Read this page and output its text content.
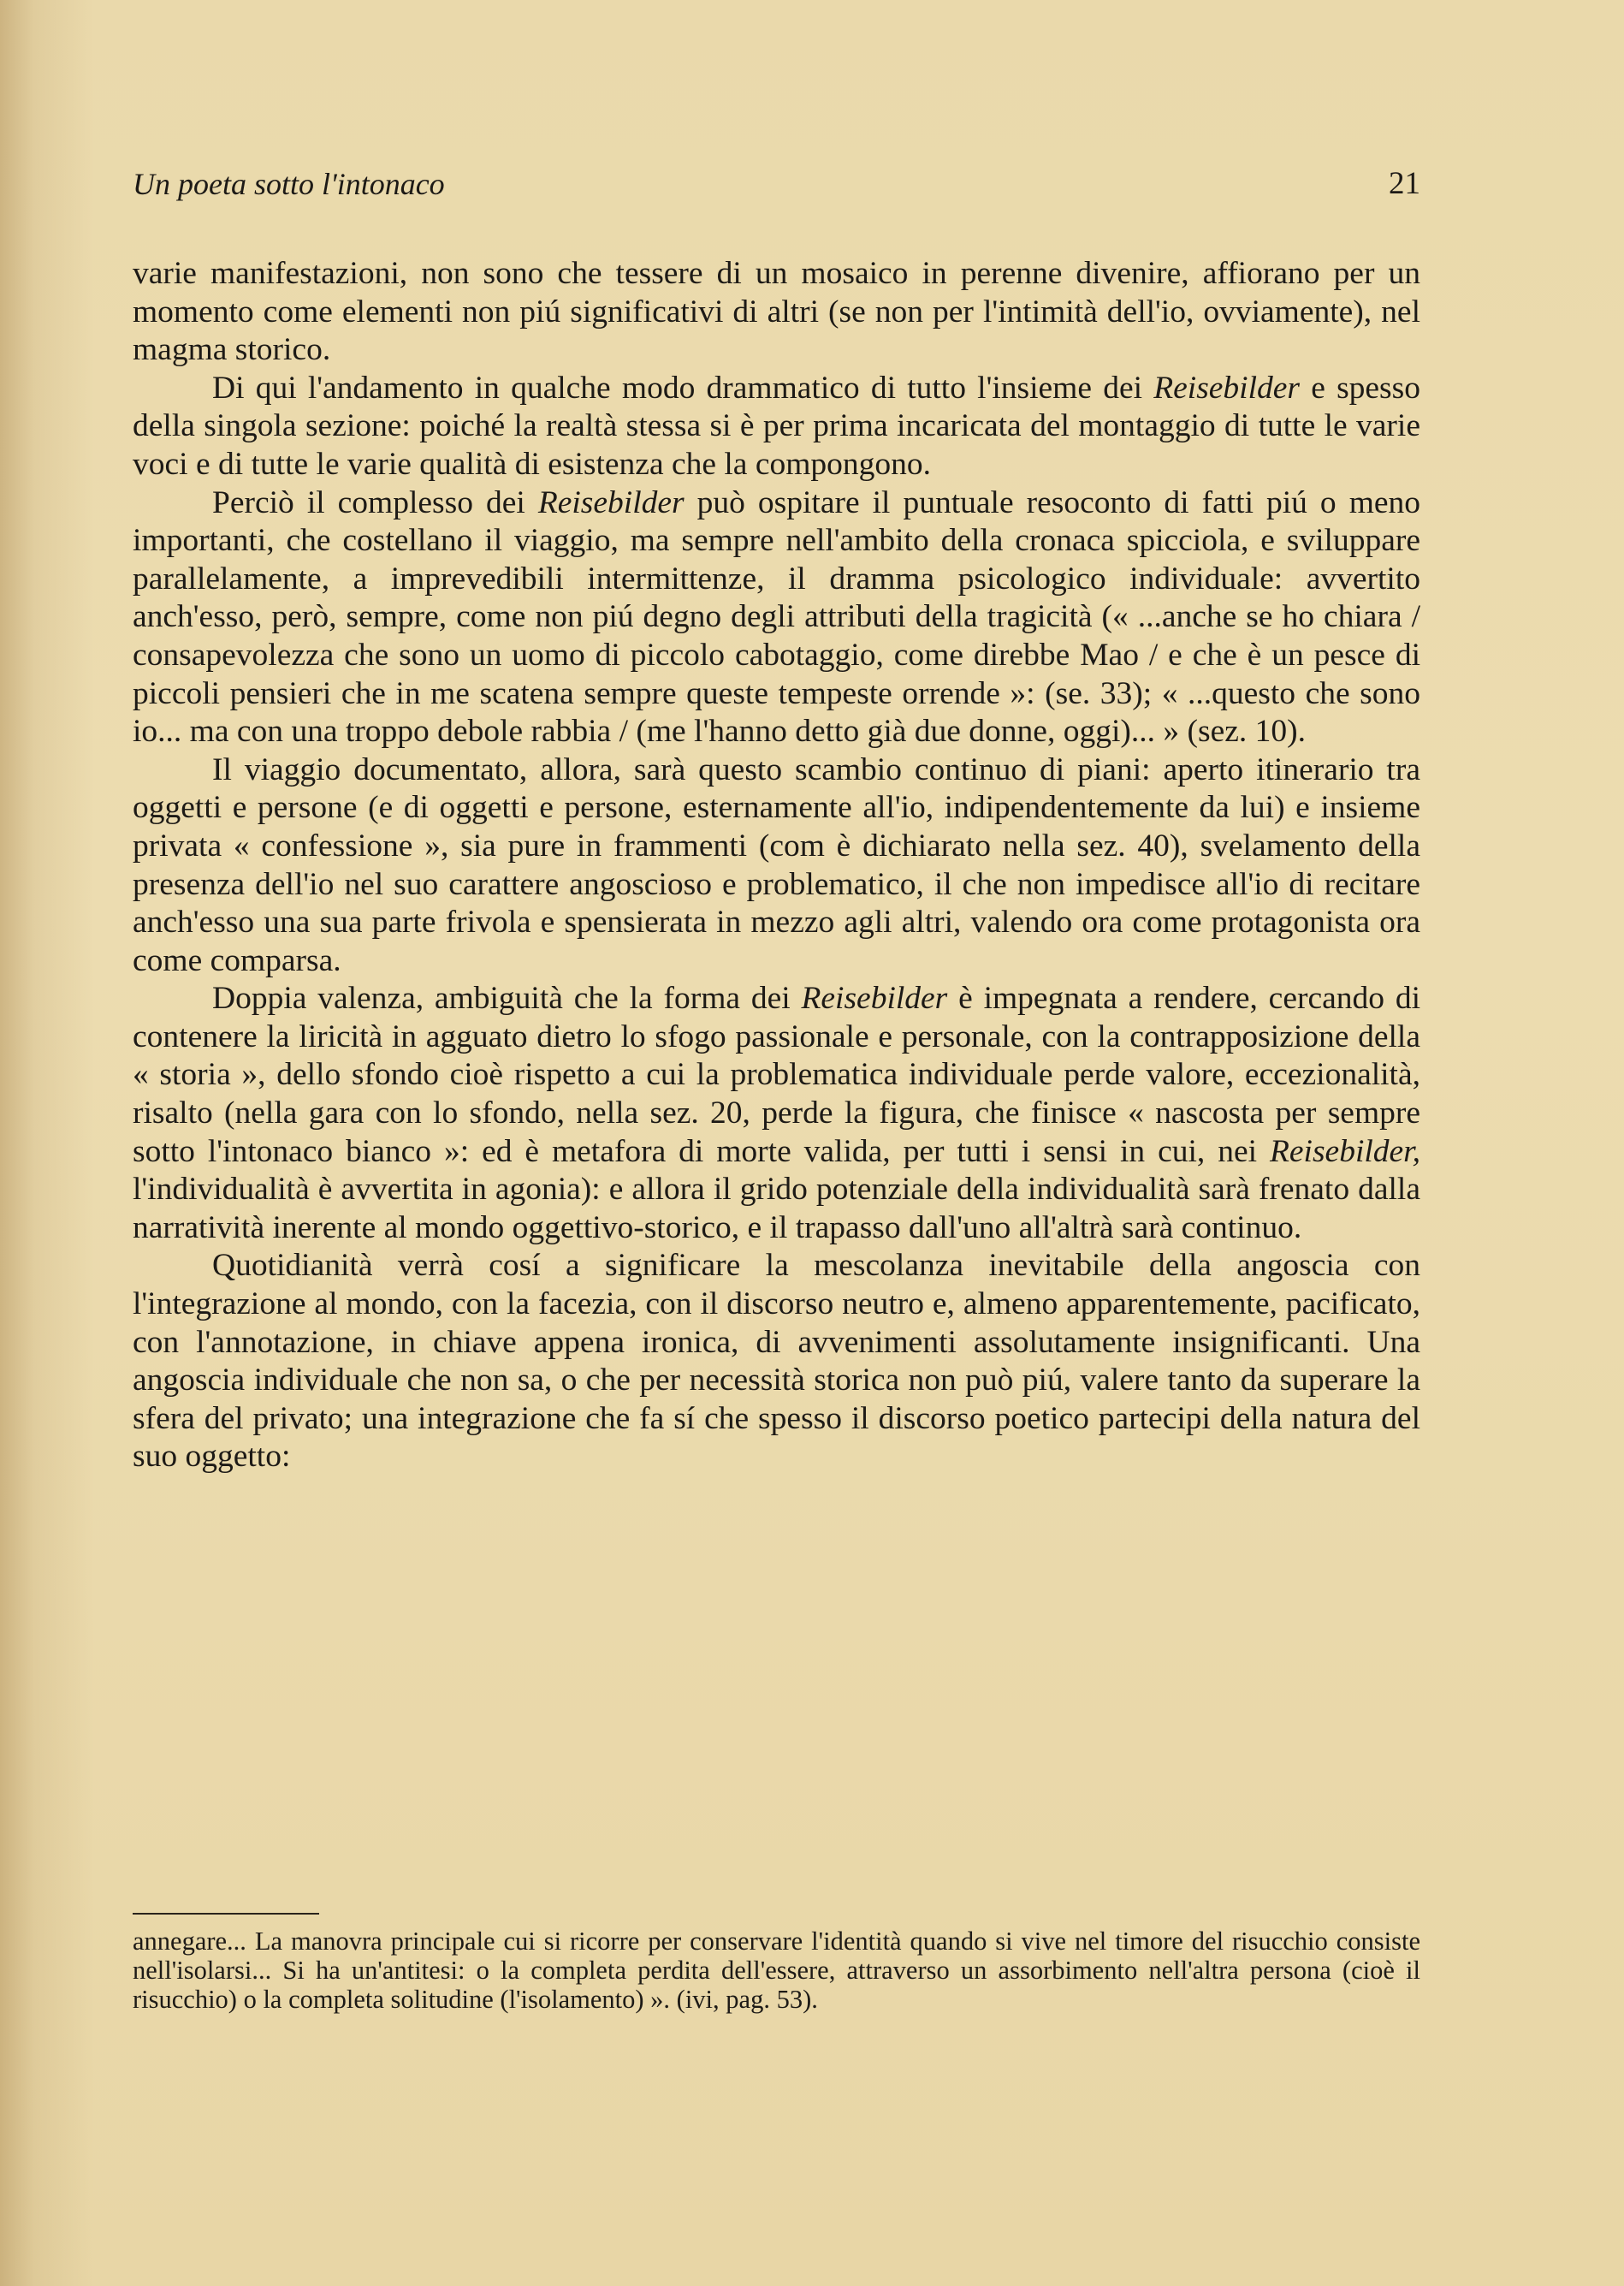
Un poeta sotto l'intonaco	21

varie manifestazioni, non sono che tessere di un mosaico in perenne divenire, affiorano per un momento come elementi non piú significativi di altri (se non per l'intimità dell'io, ovviamente), nel magma storico.

Di qui l'andamento in qualche modo drammatico di tutto l'insieme dei Reisebilder e spesso della singola sezione: poiché la realtà stessa si è per prima incaricata del montaggio di tutte le varie voci e di tutte le varie qualità di esistenza che la compongono.

Perciò il complesso dei Reisebilder può ospitare il puntuale resoconto di fatti piú o meno importanti, che costellano il viaggio, ma sempre nell'ambito della cronaca spicciola, e sviluppare parallelamente, a imprevedibili intermittenze, il dramma psicologico individuale: avvertito anch'esso, però, sempre, come non piú degno degli attributi della tragicità (« ...anche se ho chiara / consapevolezza che sono un uomo di piccolo cabotaggio, come direbbe Mao / e che è un pesce di piccoli pensieri che in me scatena sempre queste tempeste orrende »: (se. 33); « ...questo che sono io... ma con una troppo debole rabbia / (me l'hanno detto già due donne, oggi)... » (sez. 10).

Il viaggio documentato, allora, sarà questo scambio continuo di piani: aperto itinerario tra oggetti e persone (e di oggetti e persone, esternamente all'io, indipendentemente da lui) e insieme privata « confessione », sia pure in frammenti (com è dichiarato nella sez. 40), svelamento della presenza dell'io nel suo carattere angoscioso e problematico, il che non impedisce all'io di recitare anch'esso una sua parte frivola e spensierata in mezzo agli altri, valendo ora come protagonista ora come comparsa.

Doppia valenza, ambiguità che la forma dei Reisebilder è impegnata a rendere, cercando di contenere la liricità in agguato dietro lo sfogo passionale e personale, con la contrapposizione della « storia », dello sfondo cioè rispetto a cui la problematica individuale perde valore, eccezionalità, risalto (nella gara con lo sfondo, nella sez. 20, perde la figura, che finisce « nascosta per sempre sotto l'intonaco bianco »: ed è metafora di morte valida, per tutti i sensi in cui, nei Reisebilder, l'individualità è avvertita in agonia): e allora il grido potenziale della individualità sarà frenato dalla narratività inerente al mondo oggettivo-storico, e il trapasso dall'uno all'altrà sarà continuo.

Quotidianità verrà cosí a significare la mescolanza inevitabile della angoscia con l'integrazione al mondo, con la facezia, con il discorso neutro e, almeno apparentemente, pacificato, con l'annotazione, in chiave appena ironica, di avvenimenti assolutamente insignificanti. Una angoscia individuale che non sa, o che per necessità storica non può piú, valere tanto da superare la sfera del privato; una integrazione che fa sí che spesso il discorso poetico partecipi della natura del suo oggetto:

annegare... La manovra principale cui si ricorre per conservare l'identità quando si vive nel timore del risucchio consiste nell'isolarsi... Si ha un'antitesi: o la completa perdita dell'essere, attraverso un assorbimento nell'altra persona (cioè il risucchio) o la completa solitudine (l'isolamento) ». (ivi, pag. 53).
